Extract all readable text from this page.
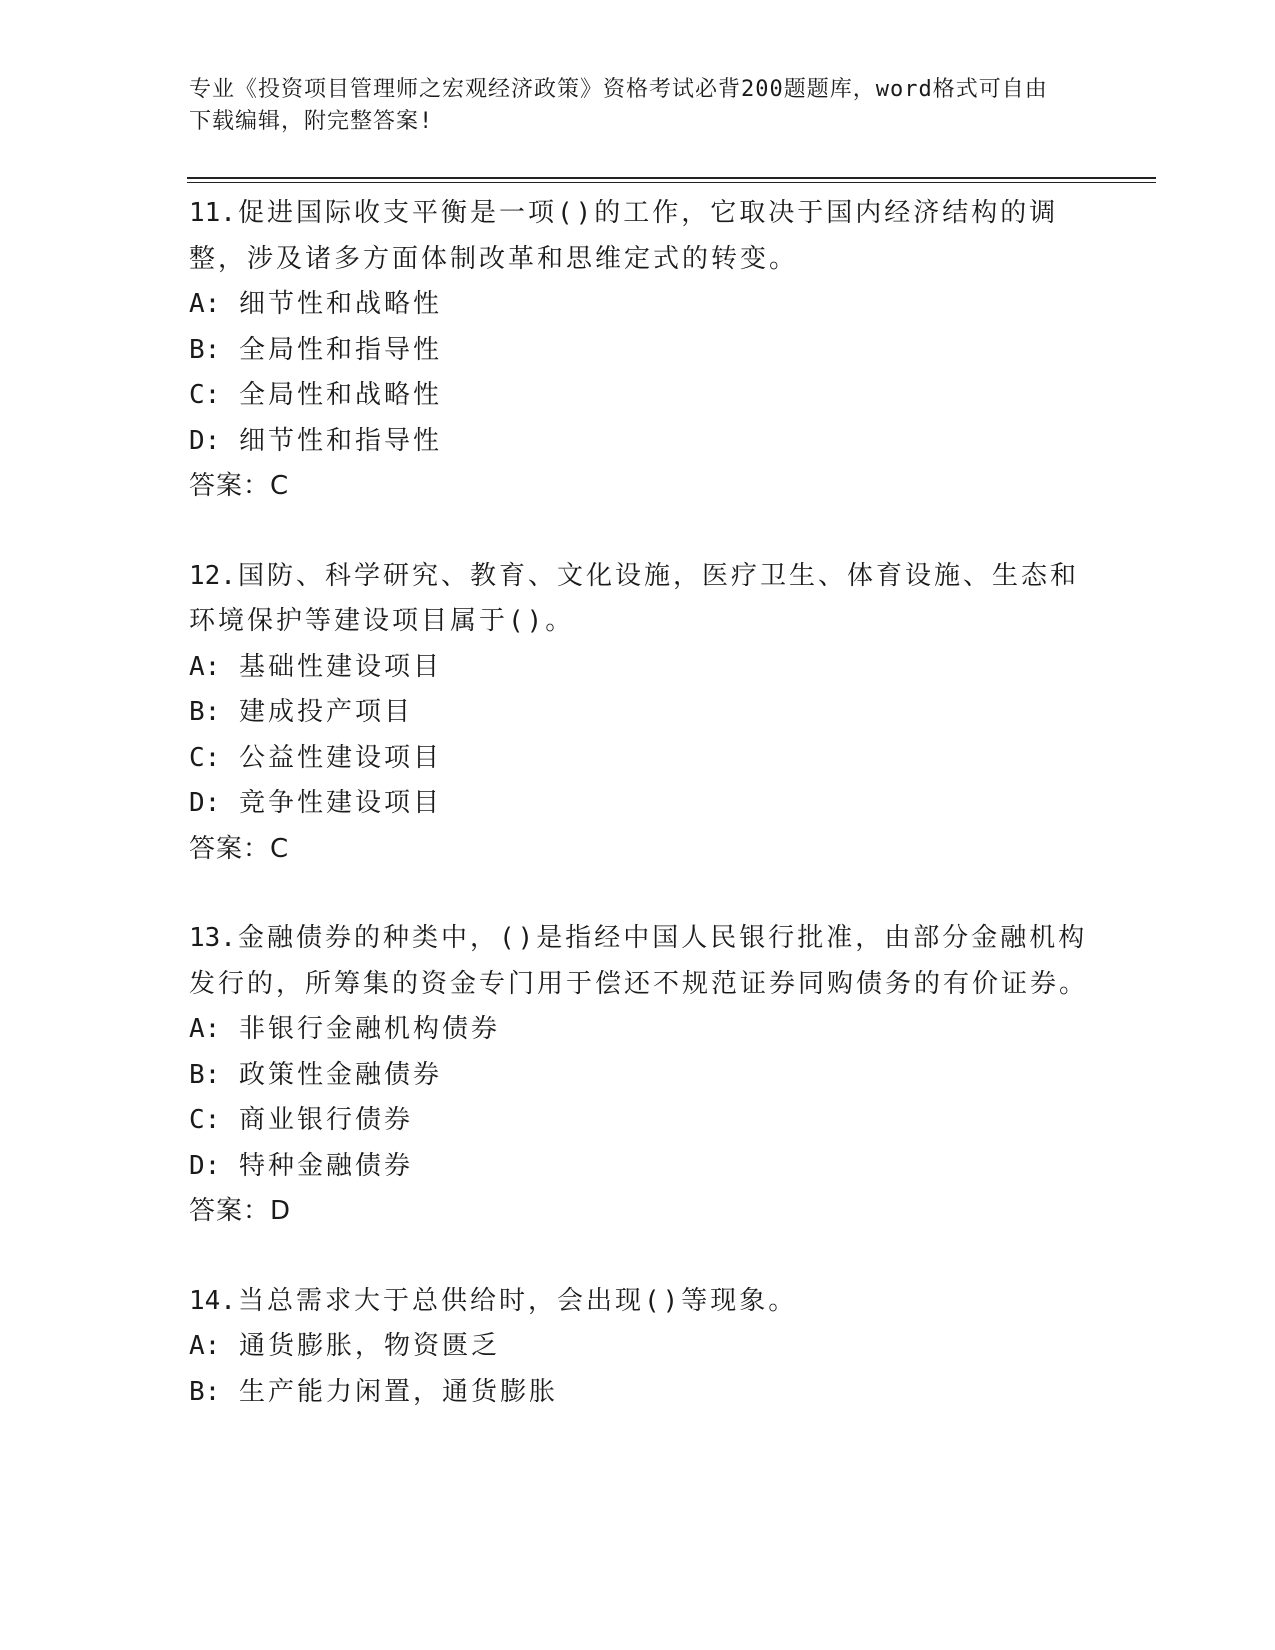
专业《投资项目管理师之宏观经济政策》资格考试必背200题题库，word格式可自由下载编辑，附完整答案!
11.促进国际收支平衡是一项()的工作，它取决于国内经济结构的调整，涉及诸多方面体制改革和思维定式的转变。
A: 细节性和战略性
B: 全局性和指导性
C: 全局性和战略性
D: 细节性和指导性
答案：C
12.国防、科学研究、教育、文化设施，医疗卫生、体育设施、生态和环境保护等建设项目属于()。
A: 基础性建设项目
B: 建成投产项目
C: 公益性建设项目
D: 竞争性建设项目
答案：C
13.金融债券的种类中，()是指经中国人民银行批准，由部分金融机构发行的，所筹集的资金专门用于偿还不规范证券同购债务的有价证券。
A: 非银行金融机构债券
B: 政策性金融债券
C: 商业银行债券
D: 特种金融债券
答案：D
14.当总需求大于总供给时，会出现()等现象。
A: 通货膨胀，物资匮乏
B: 生产能力闲置，通货膨胀
